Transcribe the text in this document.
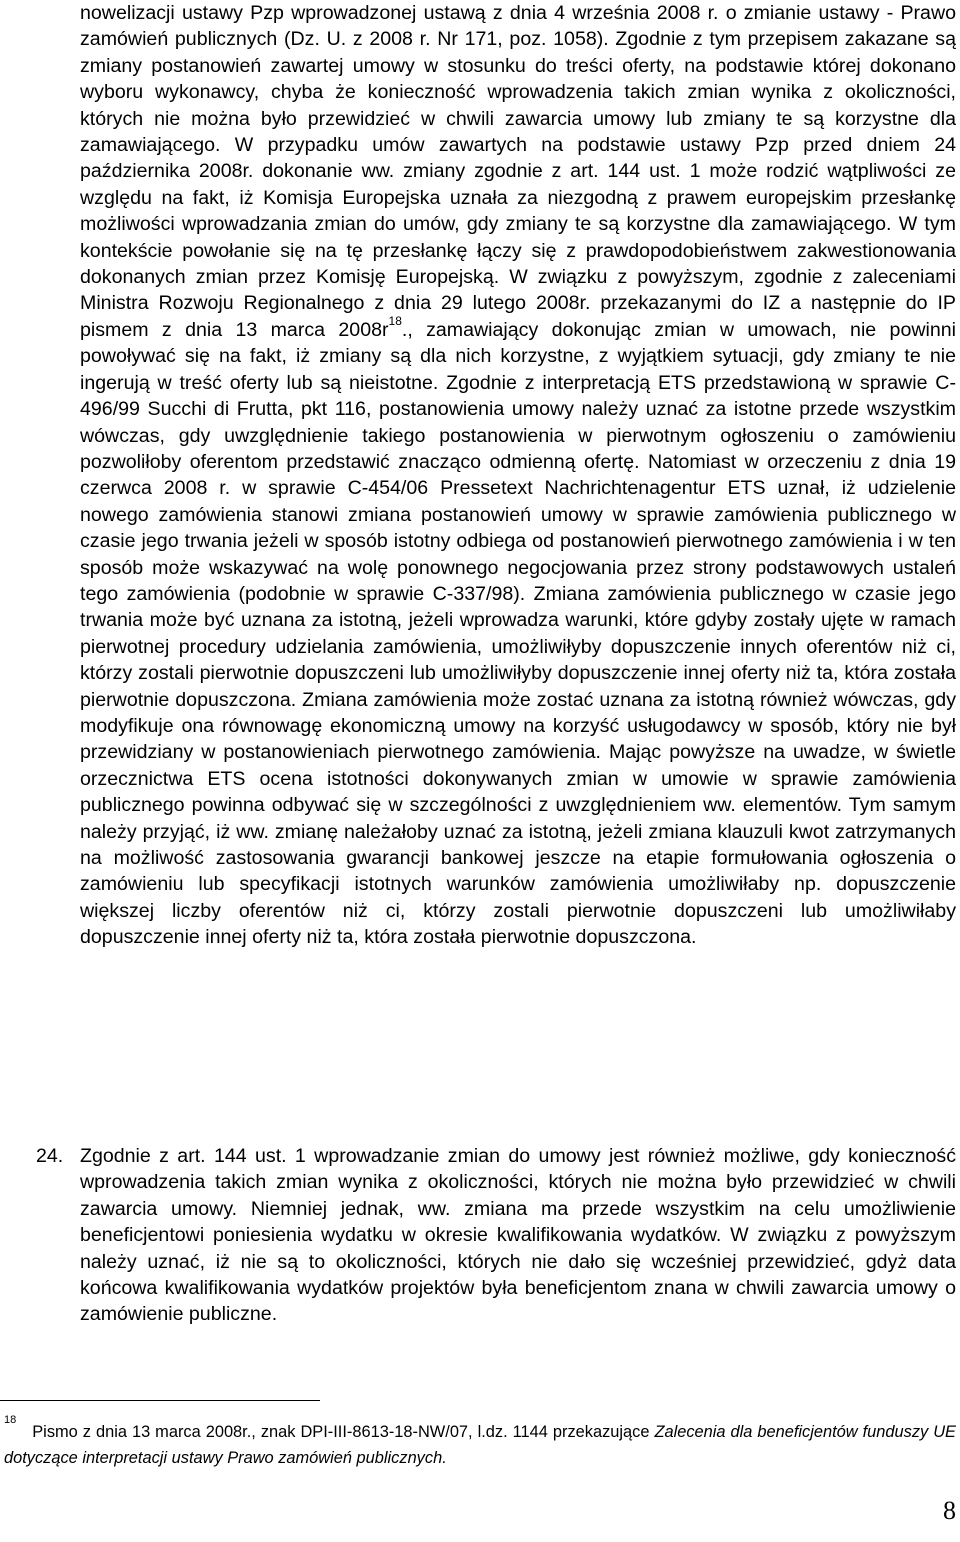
nowelizacji ustawy Pzp wprowadzonej ustawą z dnia 4 września 2008 r. o zmianie ustawy - Prawo zamówień publicznych (Dz. U. z 2008 r. Nr 171, poz. 1058). Zgodnie z tym przepisem zakazane są zmiany postanowień zawartej umowy w stosunku do treści oferty, na podstawie której dokonano wyboru wykonawcy, chyba że konieczność wprowadzenia takich zmian wynika z okoliczności, których nie można było przewidzieć w chwili zawarcia umowy lub zmiany te są korzystne dla zamawiającego. W przypadku umów zawartych na podstawie ustawy Pzp przed dniem 24 października 2008r. dokonanie ww. zmiany zgodnie z art. 144 ust. 1 może rodzić wątpliwości ze względu na fakt, iż Komisja Europejska uznała za niezgodną z prawem europejskim przesłankę możliwości wprowadzania zmian do umów, gdy zmiany te są korzystne dla zamawiającego. W tym kontekście powołanie się na tę przesłankę łączy się z prawdopodobieństwem zakwestionowania dokonanych zmian przez Komisję Europejską. W związku z powyższym, zgodnie z zaleceniami Ministra Rozwoju Regionalnego z dnia 29 lutego 2008r. przekazanymi do IZ a następnie do IP pismem z dnia 13 marca $2008r^{18}$., zamawiający dokonując zmian w umowach, nie powinni powoływać się na fakt, iż zmiany są dla nich korzystne, z wyjątkiem sytuacji, gdy zmiany te nie ingerują w treść oferty lub są nieistotne. Zgodnie z interpretacją ETS przedstawioną w sprawie C-496/99 Succhi di Frutta, pkt 116, postanowienia umowy należy uznać za istotne przede wszystkim wówczas, gdy uwzględnienie takiego postanowienia w pierwotnym ogłoszeniu o zamówieniu pozwoliłoby oferentom przedstawić znacząco odmienną ofertę. Natomiast w orzeczeniu z dnia 19 czerwca 2008 r. w sprawie C-454/06 Pressetext Nachrichtenagentur ETS uznał, iż udzielenie nowego zamówienia stanowi zmiana postanowień umowy w sprawie zamówienia publicznego w czasie jego trwania jeżeli w sposób istotny odbiega od postanowień pierwotnego zamówienia i w ten sposób może wskazywać na wolę ponownego negocjowania przez strony podstawowych ustaleń tego zamówienia (podobnie w sprawie C-337/98). Zmiana zamówienia publicznego w czasie jego trwania może być uznana za istotną, jeżeli wprowadza warunki, które gdyby zostały ujęte w ramach pierwotnej procedury udzielania zamówienia, umożliwiłyby dopuszczenie innych oferentów niż ci, którzy zostali pierwotnie dopuszczeni lub umożliwiłyby dopuszczenie innej oferty niż ta, która została pierwotnie dopuszczona. Zmiana zamówienia może zostać uznana za istotną również wówczas, gdy modyfikuje ona równowagę ekonomiczną umowy na korzyść usługodawcy w sposób, który nie był przewidziany w postanowieniach pierwotnego zamówienia. Mając powyższe na uwadze, w świetle orzecznictwa ETS ocena istotności dokonywanych zmian w umowie w sprawie zamówienia publicznego powinna odbywać się w szczególności z uwzględnieniem ww. elementów. Tym samym należy przyjąć, iż ww. zmianę należałoby uznać za istotną, jeżeli zmiana klauzuli kwot zatrzymanych na możliwość zastosowania gwarancji bankowej jeszcze na etapie formułowania ogłoszenia o zamówieniu lub specyfikacji istotnych warunków zamówienia umożliwiłaby np. dopuszczenie większej liczby oferentów niż ci, którzy zostali pierwotnie dopuszczeni lub umożliwiłaby dopuszczenie innej oferty niż ta, która została pierwotnie dopuszczona.

24. Zgodnie z art. 144 ust. 1 wprowadzanie zmian do umowy jest również możliwe, gdy konieczność wprowadzenia takich zmian wynika z okoliczności, których nie można było przewidzieć w chwili zawarcia umowy. Niemniej jednak, ww. zmiana ma przede wszystkim na celu umożliwienie beneficjentowi poniesienia wydatku w okresie kwalifikowania wydatków. W związku z powyższym należy uznać, iż nie są to okoliczności, których nie dało się wcześniej przewidzieć, gdyż data końcowa kwalifikowania wydatków projektów była beneficjentom znana w chwili zawarcia umowy o zamówienie publiczne.
$^{18}$Pismo z dnia 13 marca 2008r., znak DPI-III-8613-18-NW/07, l.dz. 1144 przekazujące Zalecenia dla beneficjentów funduszy UE dotyczące interpretacji ustawy Prawo zamówień publicznych.
8
